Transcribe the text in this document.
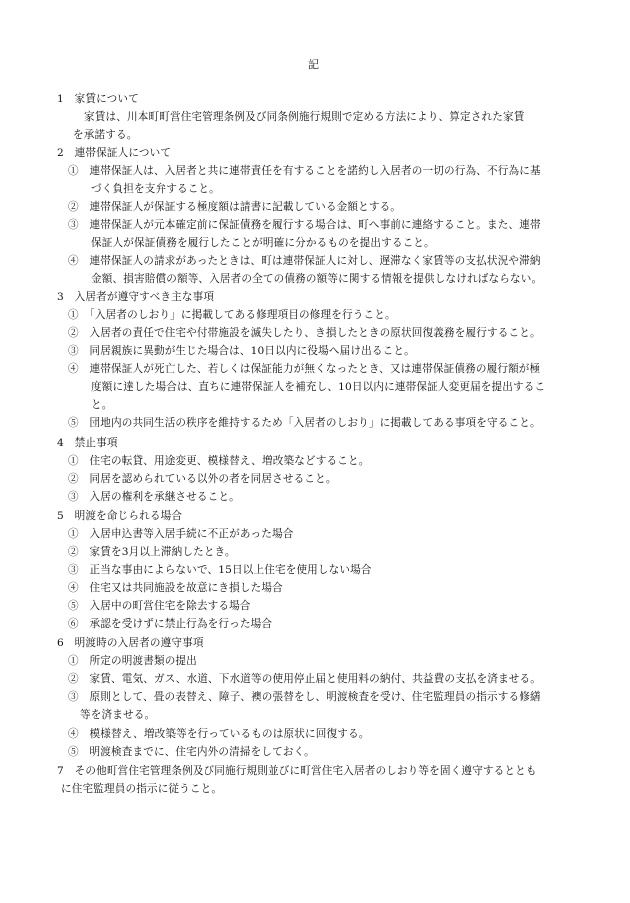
記

1　家賃について

家賃は、川本町町営住宅管理条例及び同条例施行規則で定める方法により、算定された家賃

を承諾する。

2　連帯保証人について

①　連帯保証人は、入居者と共に連帯責任を有することを諾約し入居者の一切の行為、不行為に基

づく負担を支弁すること。

②　連帯保証人が保証する極度額は請書に記載している金額とする。

③　連帯保証人が元本確定前に保証債務を履行する場合は、町へ事前に連絡すること。また、連帯

保証人が保証債務を履行したことが明確に分かるものを提出すること。

④　連帯保証人の請求があったときは、町は連帯保証人に対し、遅滞なく家賃等の支払状況や滞納

金額、損害賠償の額等、入居者の全ての債務の額等に関する情報を提供しなければならない。

3　入居者が遵守すべき主な事項

①　「入居者のしおり」に掲載してある修理項目の修理を行うこと。

②　入居者の責任で住宅や付帯施設を滅失したり、き損したときの原状回復義務を履行すること。

③　同居親族に異動が生じた場合は、10日以内に役場へ届け出ること。

④　連帯保証人が死亡した、若しくは保証能力が無くなったとき、又は連帯保証債務の履行額が極

度額に達した場合は、直ちに連帯保証人を補充し、10日以内に連帯保証人変更届を提出するこ

と。

⑤　団地内の共同生活の秩序を維持するため「入居者のしおり」に掲載してある事項を守ること。

4　禁止事項

①　住宅の転貸、用途変更、模様替え、増改築などすること。

②　同居を認められている以外の者を同居させること。

③　入居の権利を承継させること。

5　明渡を命じられる場合

①　入居申込書等入居手続に不正があった場合

②　家賃を3月以上滞納したとき。

③　正当な事由によらないで、15日以上住宅を使用しない場合

④　住宅又は共同施設を故意にき損した場合

⑤　入居中の町営住宅を除去する場合

⑥　承認を受けずに禁止行為を行った場合

6　明渡時の入居者の遵守事項

①　所定の明渡書類の提出

②　家賃、電気、ガス、水道、下水道等の使用停止届と使用料の納付、共益費の支払を済ませる。

③　原則として、畳の表替え、障子、襖の張替をし、明渡検査を受け、住宅監理員の指示する修繕

等を済ませる。

④　模様替え、増改築等を行っているものは原状に回復する。

⑤　明渡検査までに、住宅内外の清掃をしておく。

7　その他町営住宅管理条例及び同施行規則並びに町営住宅入居者のしおり等を固く遵守するととも

に住宅監理員の指示に従うこと。
